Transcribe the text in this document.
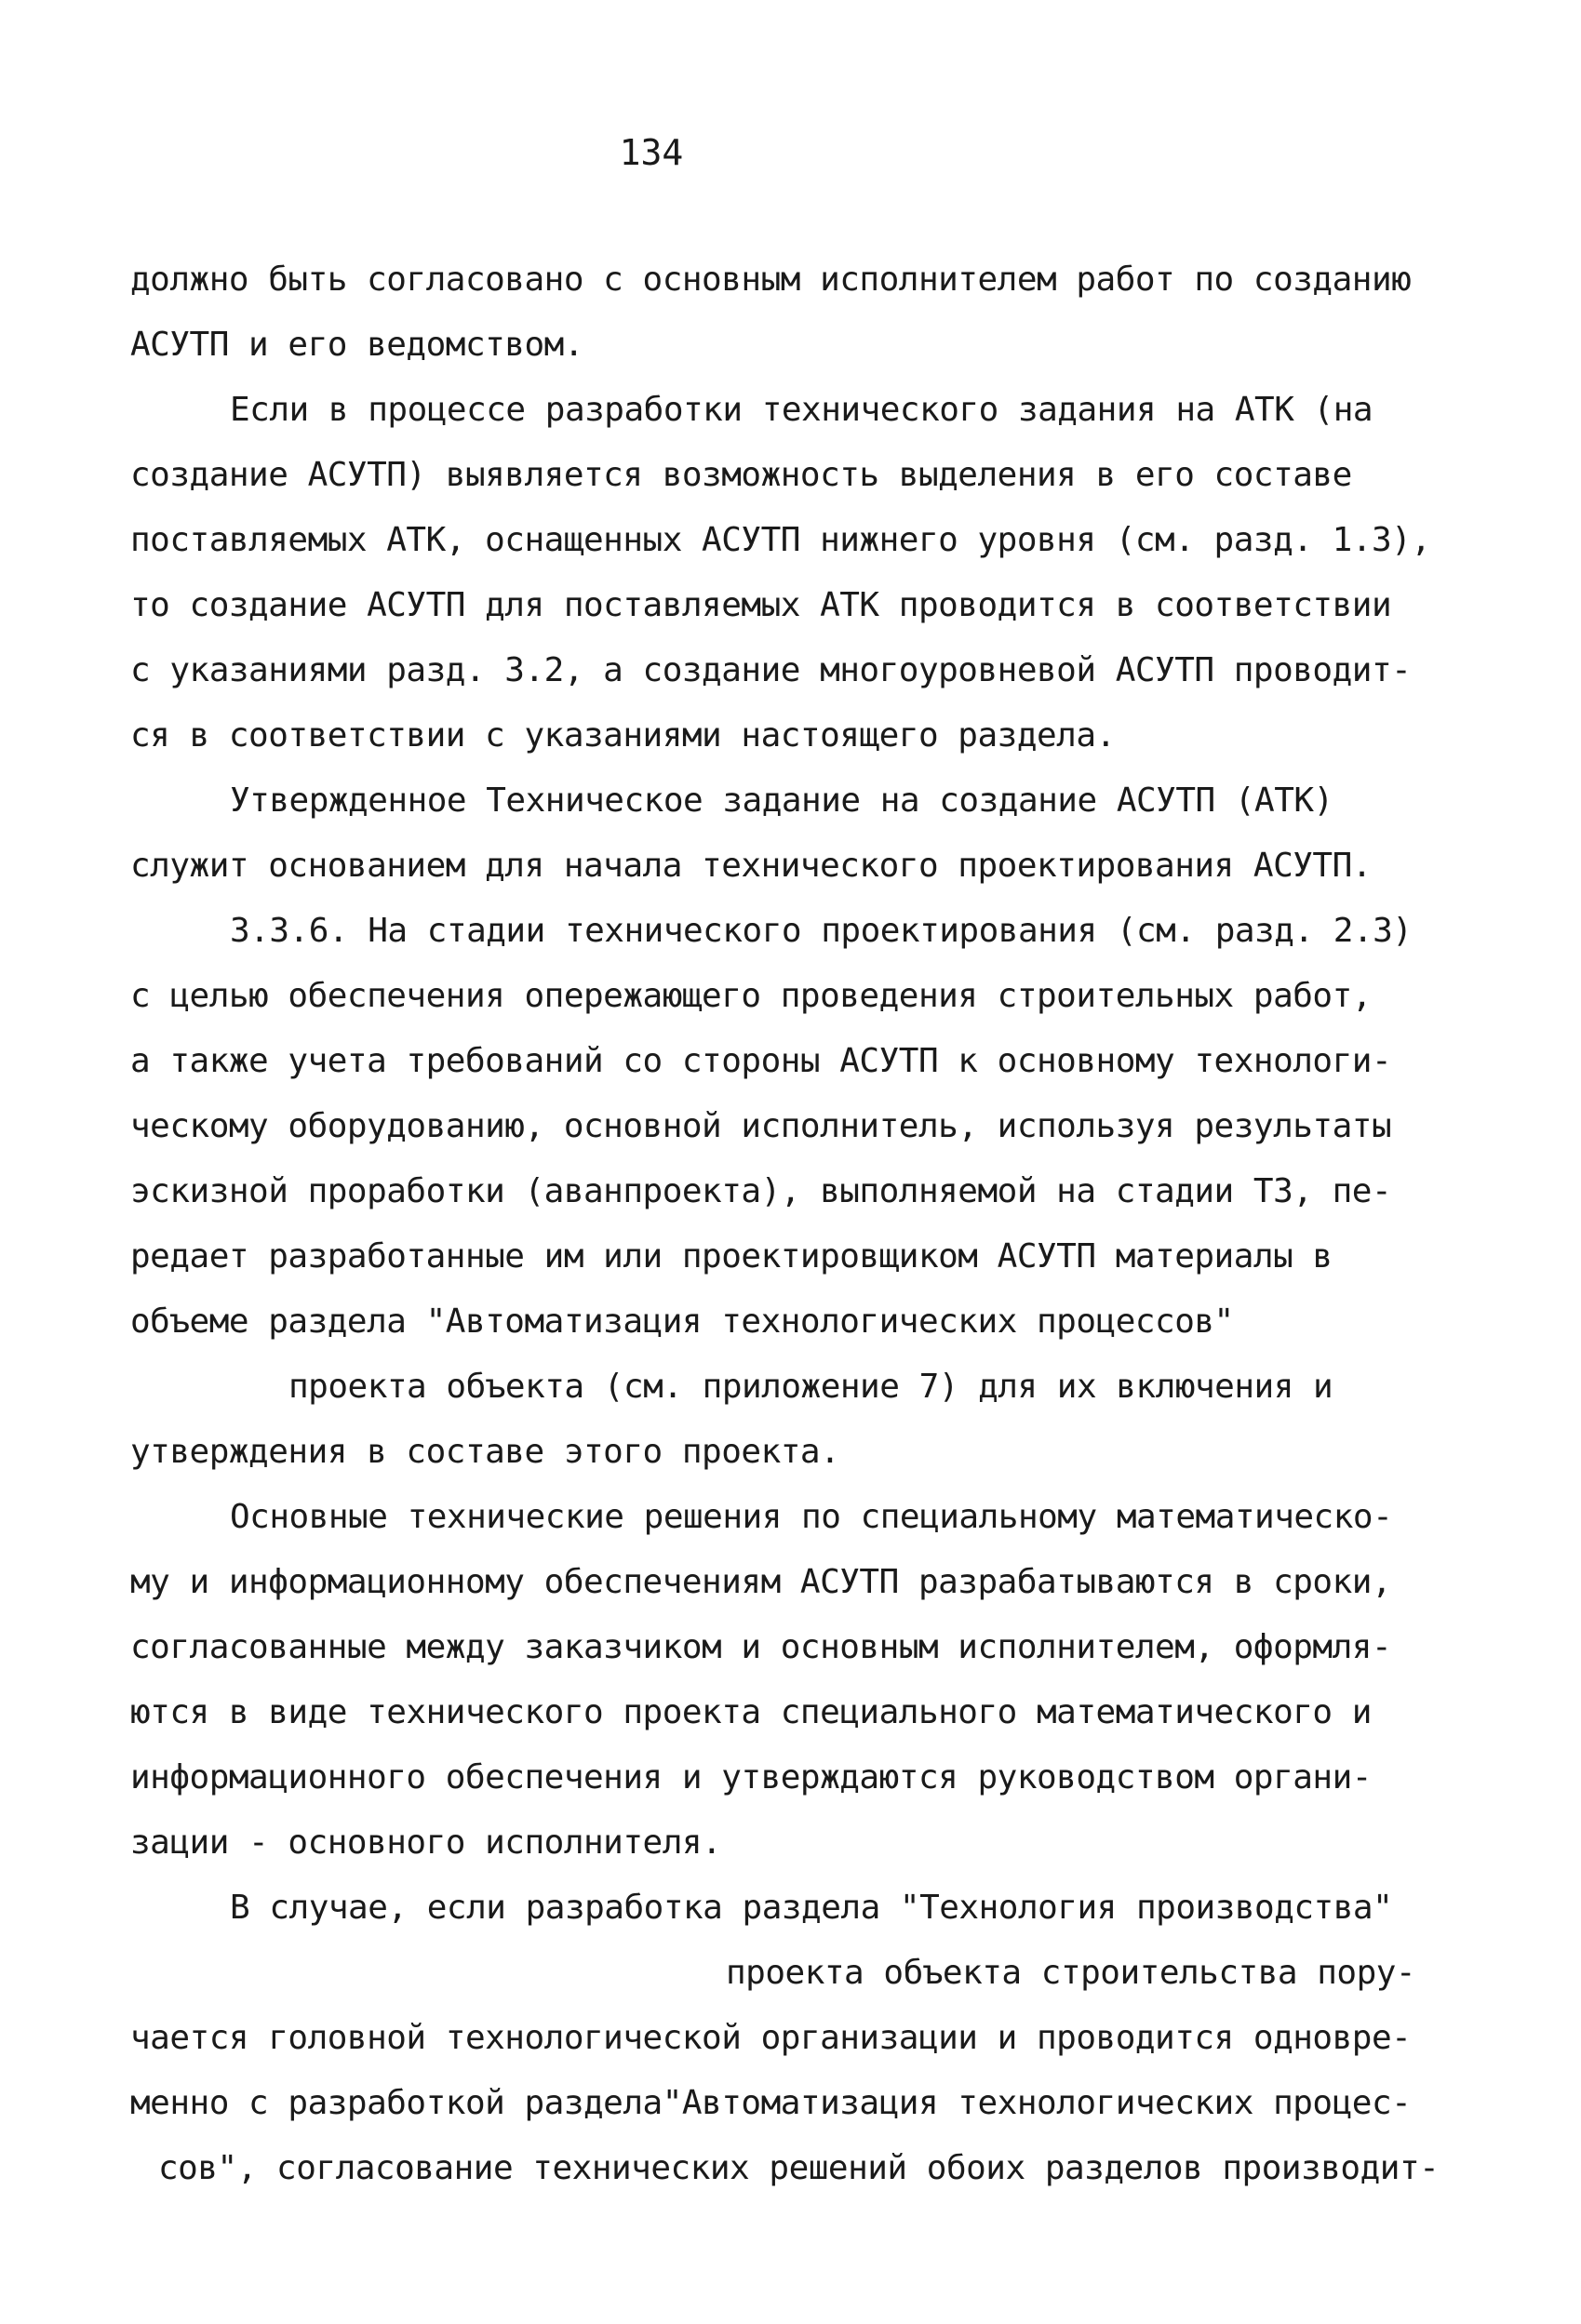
134
должно быть согласовано с основным исполнителем работ по созданию
АСУТП и его ведомством.
Если в процессе разработки технического задания на АТК (на
создание АСУТП) выявляется возможность выделения в его составе
поставляемых АТК, оснащенных АСУТП нижнего уровня (см. разд. 1.3),
то создание АСУТП для поставляемых АТК проводится в соответствии
с указаниями разд. 3.2, а создание многоуровневой АСУТП проводит-
ся в соответствии с указаниями настоящего раздела.
Утвержденное Техническое задание на создание АСУТП (АТК)
служит основанием для начала технического проектирования АСУТП.
3.3.6. На стадии технического проектирования (см. разд. 2.3)
с целью обеспечения опережающего проведения строительных работ,
а также учета требований со стороны АСУТП к основному технологи-
ческому оборудованию, основной исполнитель, используя результаты
эскизной проработки (аванпроекта), выполняемой на стадии ТЗ, пе-
редает разработанные им или проектировщиком АСУТП материалы в
объеме раздела "Автоматизация технологических процессов"
проекта объекта (см. приложение 7) для их включения и
утверждения в составе этого проекта.
Основные технические решения по специальному математическо-
му и информационному обеспечениям АСУТП разрабатываются в сроки,
согласованные между заказчиком и основным исполнителем, оформля-
ются в виде технического проекта специального математического и
информационного обеспечения и утверждаются руководством органи-
зации - основного исполнителя.
В случае, если разработка раздела "Технология производства"
проекта объекта строительства пору-
чается головной технологической организации и проводится одновре-
менно с разработкой раздела"Автоматизация технологических процес-
сов", согласование технических решений обоих разделов производит-
